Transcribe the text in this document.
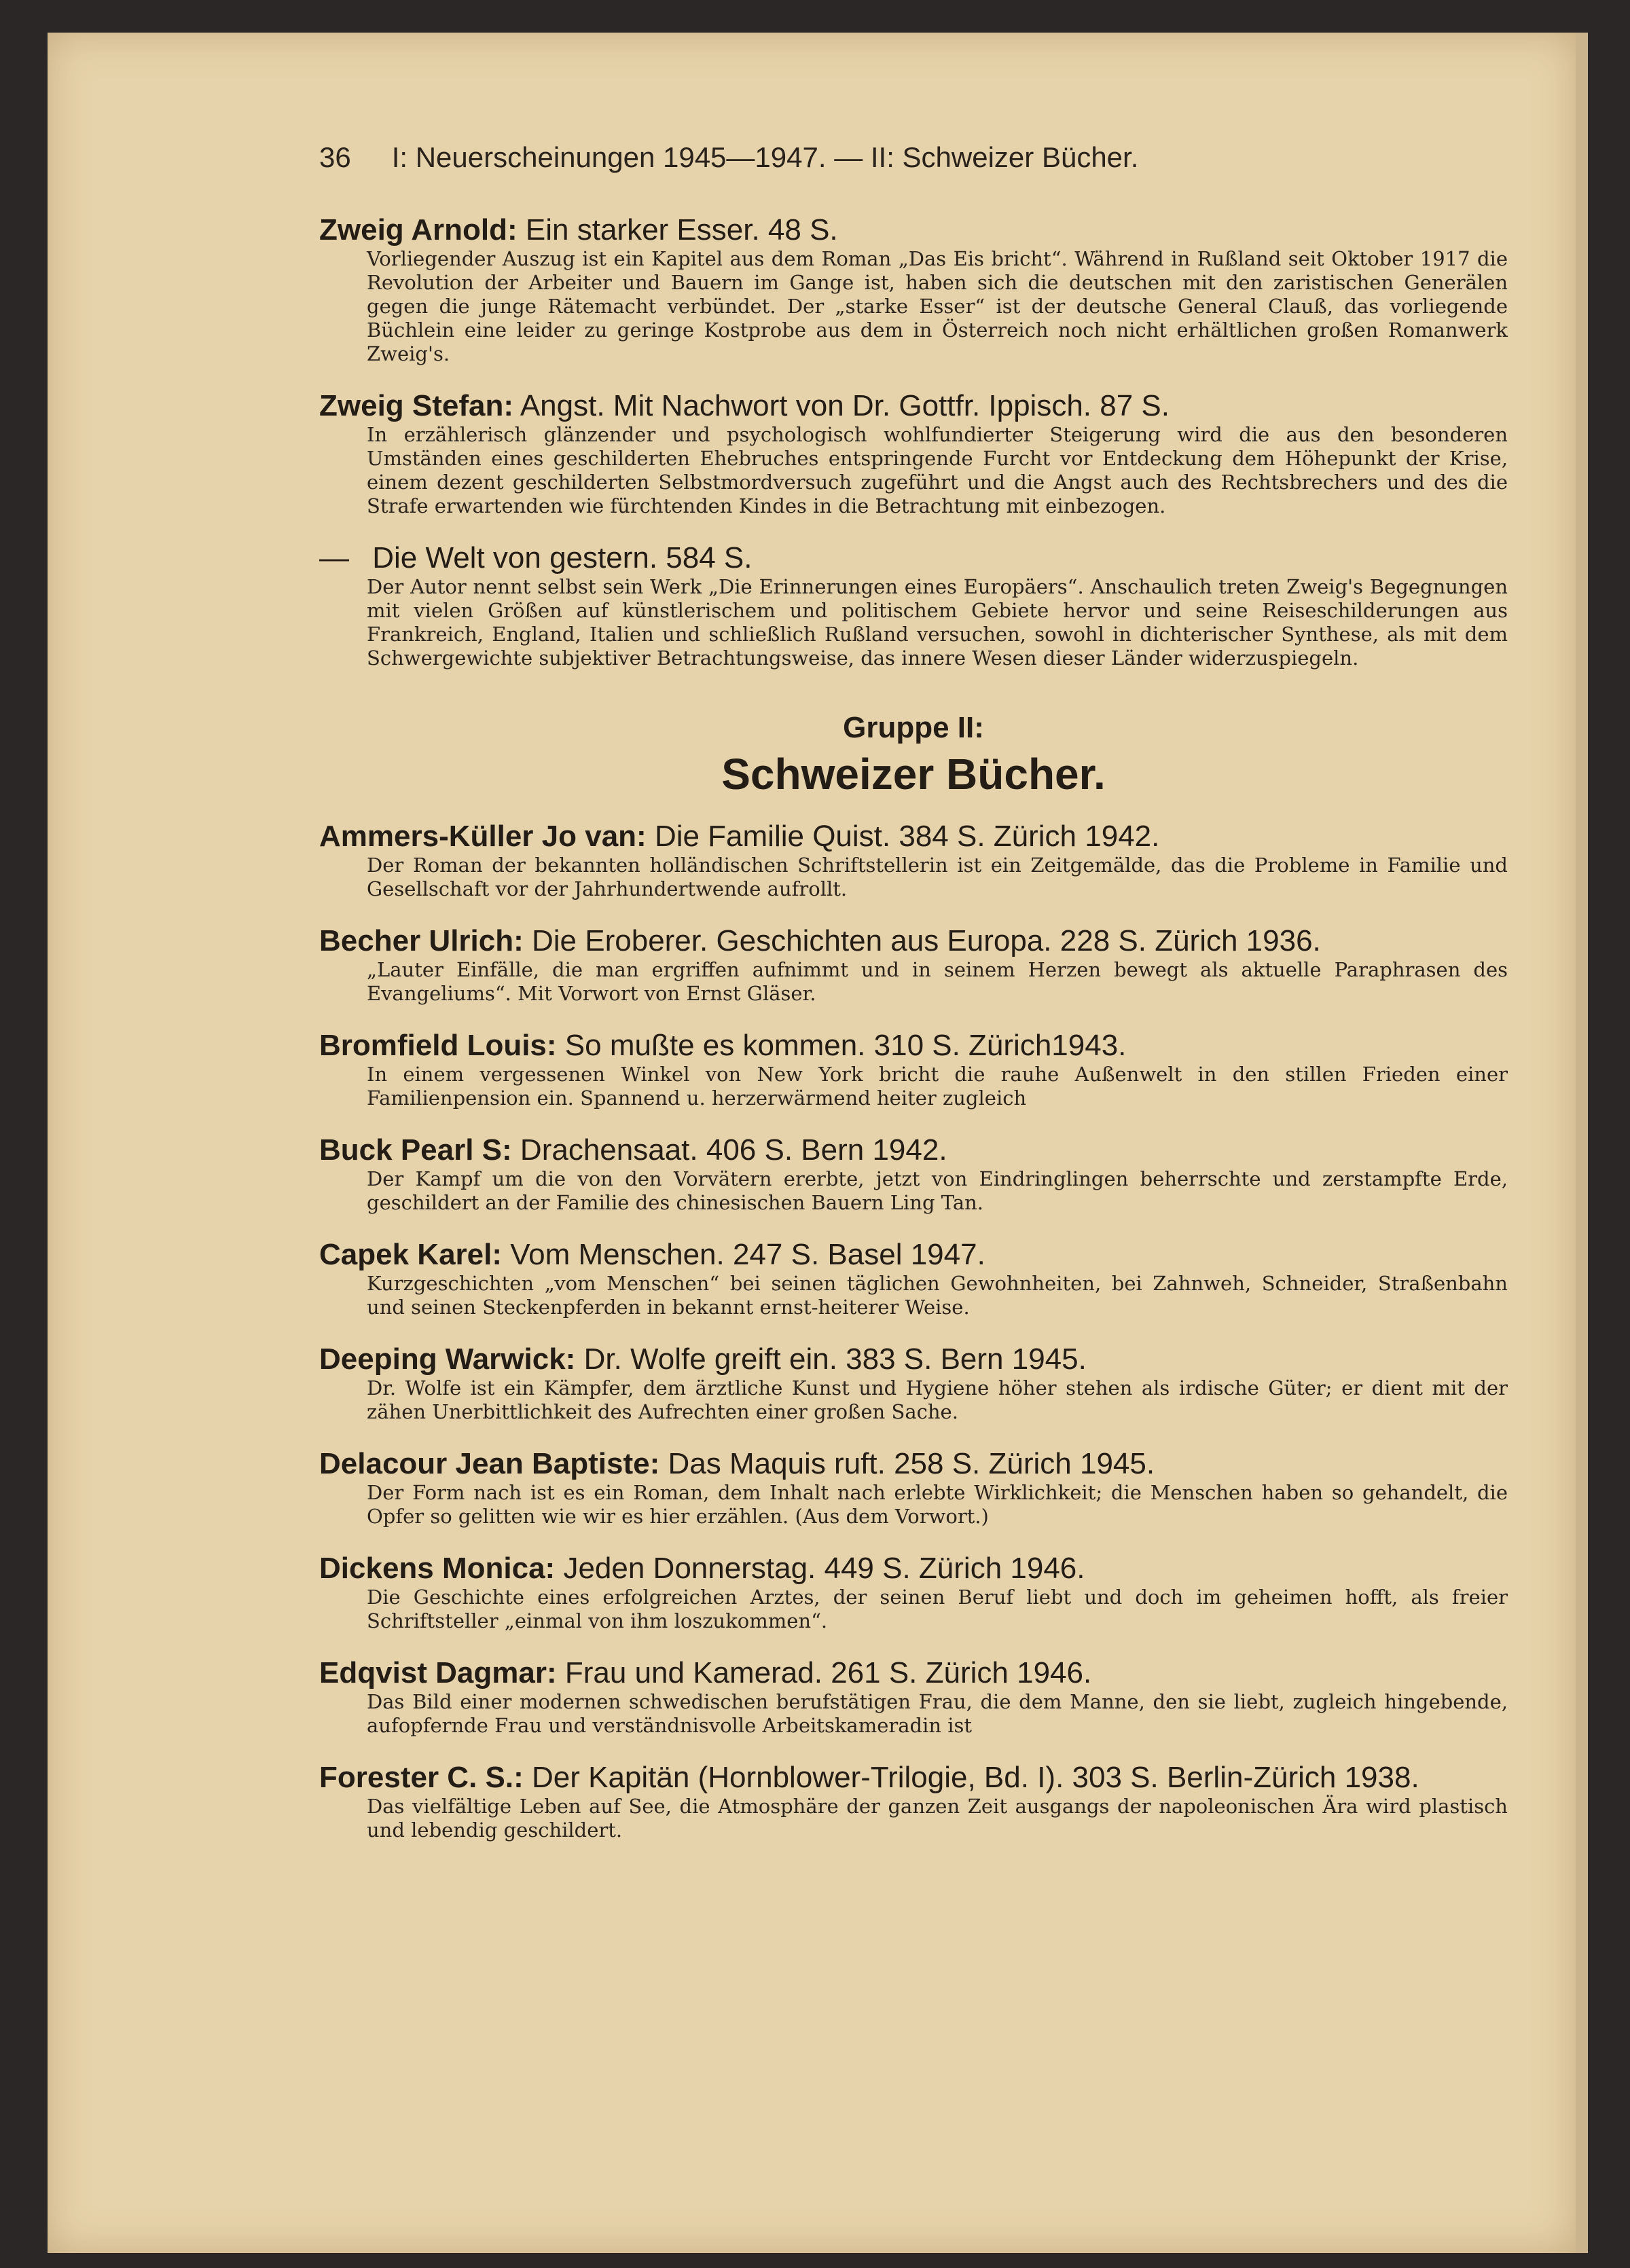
36 I: Neuerscheinungen 1945—1947. — II: Schweizer Bücher.
Zweig Arnold: Ein starker Esser. 48 S.
Vorliegender Auszug ist ein Kapitel aus dem Roman „Das Eis bricht“. Während in Rußland seit Oktober 1917 die Revolution der Arbeiter und Bauern im Gange ist, haben sich die deutschen mit den zaristischen Generälen gegen die junge Rätemacht verbündet. Der „starke Esser“ ist der deutsche General Clauß, das vorliegende Büchlein eine leider zu geringe Kostprobe aus dem in Österreich noch nicht erhältlichen großen Romanwerk Zweig's.
Zweig Stefan: Angst. Mit Nachwort von Dr. Gottfr. Ippisch. 87 S.
In erzählerisch glänzender und psychologisch wohlfundierter Steigerung wird die aus den besonderen Umständen eines geschilderten Ehebruches entspringende Furcht vor Entdeckung dem Höhepunkt der Krise, einem dezent geschilderten Selbstmordversuch zugeführt und die Angst auch des Rechtsbrechers und des die Strafe erwartenden wie fürchtenden Kindes in die Betrachtung mit einbezogen.
— Die Welt von gestern. 584 S.
Der Autor nennt selbst sein Werk „Die Erinnerungen eines Europäers“. Anschaulich treten Zweig's Begegnungen mit vielen Größen auf künstlerischem und politischem Gebiete hervor und seine Reiseschilderungen aus Frankreich, England, Italien und schließlich Rußland versuchen, sowohl in dichterischer Synthese, als mit dem Schwergewichte subjektiver Betrachtungsweise, das innere Wesen dieser Länder widerzuspiegeln.
Gruppe II:
Schweizer Bücher.
Ammers-Küller Jo van: Die Familie Quist. 384 S. Zürich 1942.
Der Roman der bekannten holländischen Schriftstellerin ist ein Zeitgemälde, das die Probleme in Familie und Gesellschaft vor der Jahrhundertwende aufrollt.
Becher Ulrich: Die Eroberer. Geschichten aus Europa. 228 S. Zürich 1936.
„Lauter Einfälle, die man ergriffen aufnimmt und in seinem Herzen bewegt als aktuelle Paraphrasen des Evangeliums“. Mit Vorwort von Ernst Gläser.
Bromfield Louis: So mußte es kommen. 310 S. Zürich1943.
In einem vergessenen Winkel von New York bricht die rauhe Außenwelt in den stillen Frieden einer Familienpension ein. Spannend u. herzerwärmend heiter zugleich
Buck Pearl S: Drachensaat. 406 S. Bern 1942.
Der Kampf um die von den Vorvätern ererbte, jetzt von Eindringlingen beherrschte und zerstampfte Erde, geschildert an der Familie des chinesischen Bauern Ling Tan.
Capek Karel: Vom Menschen. 247 S. Basel 1947.
Kurzgeschichten „vom Menschen“ bei seinen täglichen Gewohnheiten, bei Zahnweh, Schneider, Straßenbahn und seinen Steckenpferden in bekannt ernst-heiterer Weise.
Deeping Warwick: Dr. Wolfe greift ein. 383 S. Bern 1945.
Dr. Wolfe ist ein Kämpfer, dem ärztliche Kunst und Hygiene höher stehen als irdische Güter; er dient mit der zähen Unerbittlichkeit des Aufrechten einer großen Sache.
Delacour Jean Baptiste: Das Maquis ruft. 258 S. Zürich 1945.
Der Form nach ist es ein Roman, dem Inhalt nach erlebte Wirklichkeit; die Menschen haben so gehandelt, die Opfer so gelitten wie wir es hier erzählen. (Aus dem Vorwort.)
Dickens Monica: Jeden Donnerstag. 449 S. Zürich 1946.
Die Geschichte eines erfolgreichen Arztes, der seinen Beruf liebt und doch im geheimen hofft, als freier Schriftsteller „einmal von ihm loszukommen“.
Edqvist Dagmar: Frau und Kamerad. 261 S. Zürich 1946.
Das Bild einer modernen schwedischen berufstätigen Frau, die dem Manne, den sie liebt, zugleich hingebende, aufopfernde Frau und verständnisvolle Arbeitskameradin ist
Forester C. S.: Der Kapitän (Hornblower-Trilogie, Bd. I). 303 S. Berlin-Zürich 1938.
Das vielfältige Leben auf See, die Atmosphäre der ganzen Zeit ausgangs der napoleonischen Ära wird plastisch und lebendig geschildert.
